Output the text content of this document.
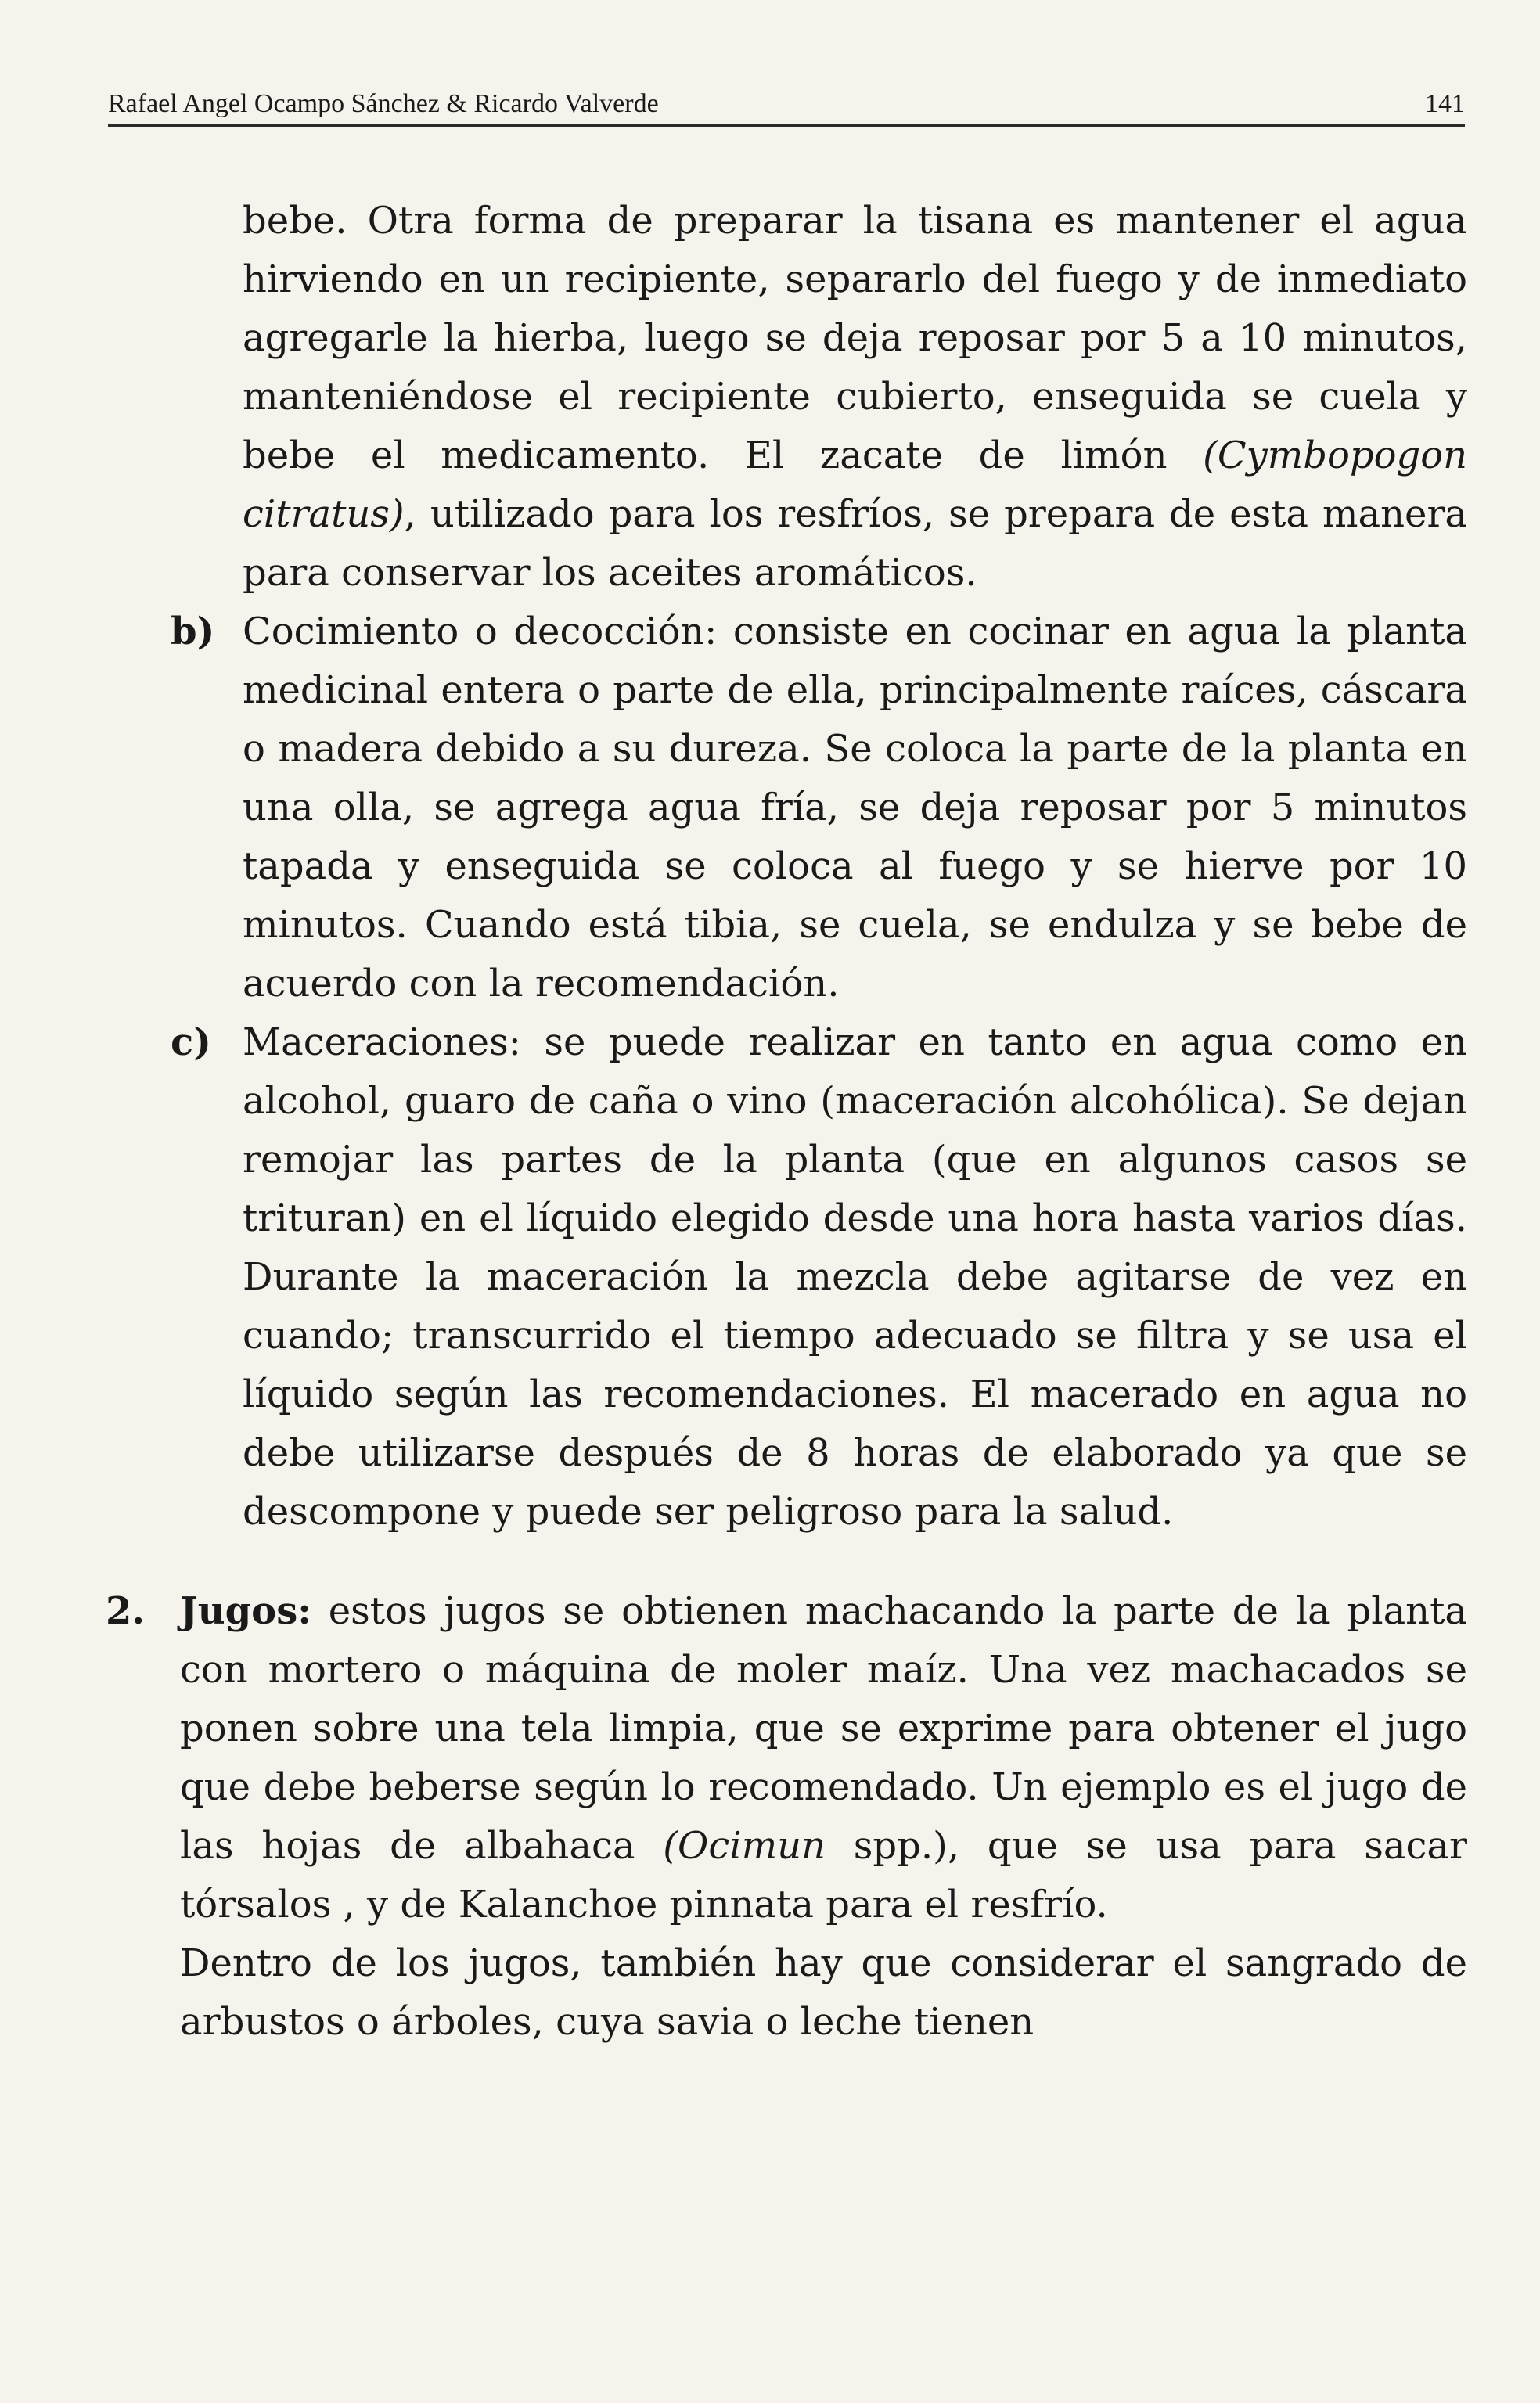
Rafael Angel Ocampo Sánchez & Ricardo Valverde	141

bebe. Otra forma de preparar la tisana es mantener el agua hirviendo en un recipiente, separarlo del fuego y de inmediato agregarle la hierba, luego se deja reposar por 5 a 10 minutos, manteniéndose el recipiente cubierto, enseguida se cuela y bebe el medicamento. El zacate de limón (Cymbopogon citratus), utilizado para los resfríos, se prepara de esta manera para conservar los aceites aromáticos.

b) Cocimiento o decocción: consiste en cocinar en agua la planta medicinal entera o parte de ella, principalmente raíces, cáscara o madera debido a su dureza. Se coloca la parte de la planta en una olla, se agrega agua fría, se deja reposar por 5 minutos tapada y enseguida se coloca al fuego y se hierve por 10 minutos. Cuando está tibia, se cuela, se endulza y se bebe de acuerdo con la recomendación.

c) Maceraciones: se puede realizar en tanto en agua como en alcohol, guaro de caña o vino (maceración alcohólica). Se dejan remojar las partes de la planta (que en algunos casos se trituran) en el líquido elegido desde una hora hasta varios días. Durante la maceración la mezcla debe agitarse de vez en cuando; transcurrido el tiempo adecuado se filtra y se usa el líquido según las recomendaciones. El macerado en agua no debe utilizarse después de 8 horas de elaborado ya que se descompone y puede ser peligroso para la salud.

2. Jugos: estos jugos se obtienen machacando la parte de la planta con mortero o máquina de moler maíz. Una vez machacados se ponen sobre una tela limpia, que se exprime para obtener el jugo que debe beberse según lo recomendado. Un ejemplo es el jugo de las hojas de albahaca (Ocimun spp.), que se usa para sacar tórsalos , y de Kalanchoe pinnata para el resfrío.

Dentro de los jugos, también hay que considerar el sangrado de arbustos o árboles, cuya savia o leche tienen
